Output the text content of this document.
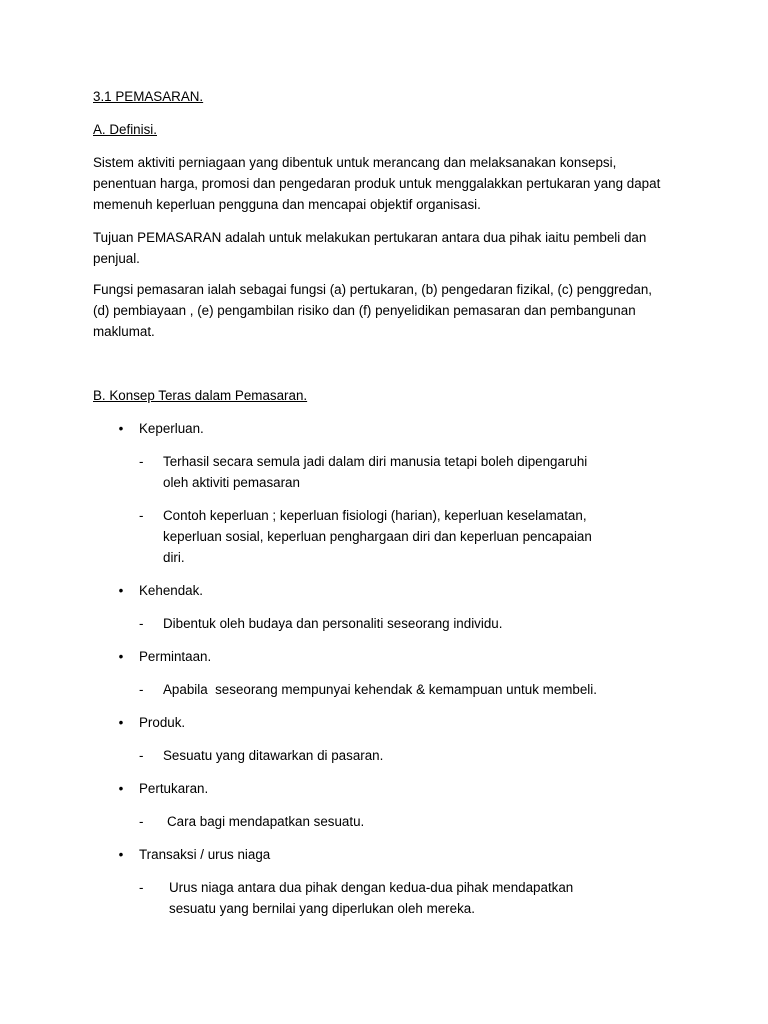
3.1 PEMASARAN.

A. Definisi.

Sistem aktiviti perniagaan yang dibentuk untuk merancang dan melaksanakan konsepsi, penentuan harga, promosi dan pengedaran produk untuk menggalakkan pertukaran yang dapat memenuh keperluan pengguna dan mencapai objektif organisasi.

Tujuan PEMASARAN adalah untuk melakukan pertukaran antara dua pihak iaitu pembeli dan penjual.

Fungsi pemasaran ialah sebagai fungsi (a) pertukaran, (b) pengedaran fizikal, (c) penggredan, (d) pembiayaan , (e) pengambilan risiko dan (f) penyelidikan pemasaran dan pembangunan maklumat.

B. Konsep Teras dalam Pemasaran.

• Keperluan.
-	Terhasil secara semula jadi dalam diri manusia tetapi boleh dipengaruhi oleh aktiviti pemasaran
-	Contoh keperluan ; keperluan fisiologi (harian), keperluan keselamatan, keperluan sosial, keperluan penghargaan diri dan keperluan pencapaian diri.
• Kehendak.
-	Dibentuk oleh budaya dan personaliti seseorang individu.
• Permintaan.
-	Apabila  seseorang mempunyai kehendak & kemampuan untuk membeli.
• Produk.
-	Sesuatu yang ditawarkan di pasaran.
• Pertukaran.
-	Cara bagi mendapatkan sesuatu.
• Transaksi / urus niaga
-	Urus niaga antara dua pihak dengan kedua-dua pihak mendapatkan sesuatu yang bernilai yang diperlukan oleh mereka.
